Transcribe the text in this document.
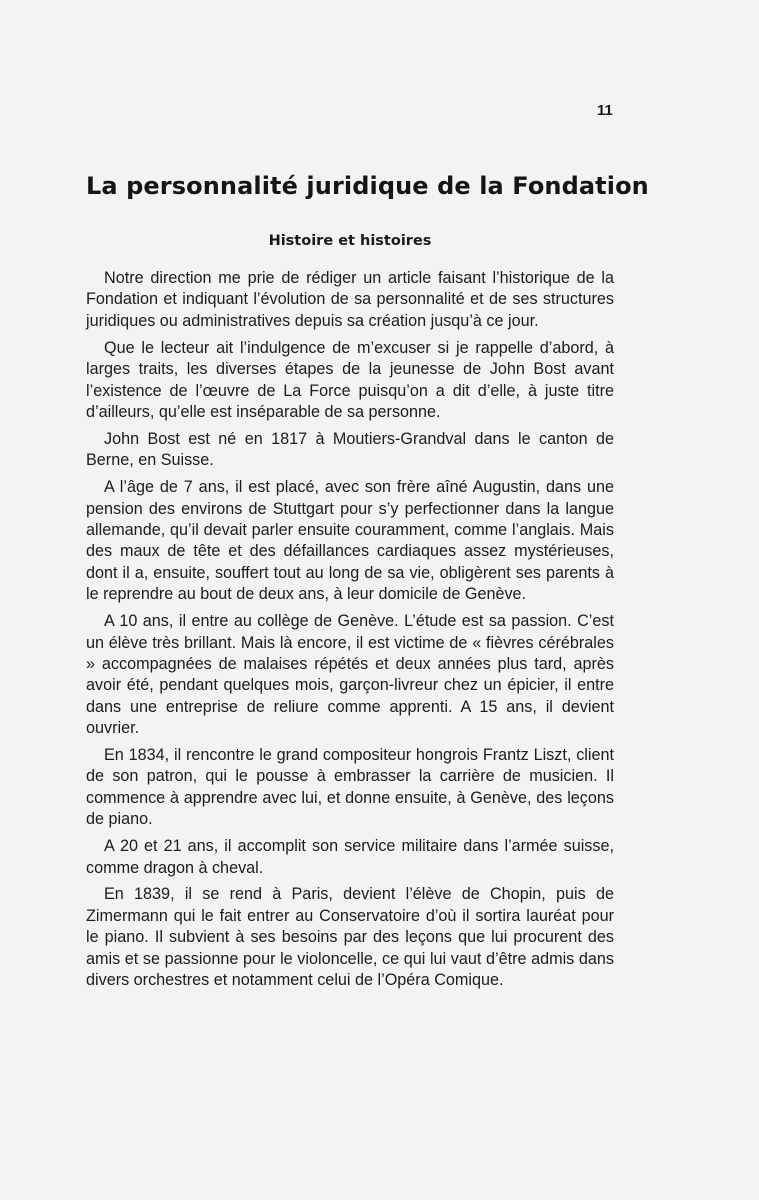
11
La personnalité juridique de la Fondation
Histoire et histoires

Notre direction me prie de rédiger un article faisant l’historique de la Fondation et indiquant l’évolution de sa personnalité et de ses structures juridiques ou administratives depuis sa création jusqu’à ce jour.

Que le lecteur ait l’indulgence de m’excuser si je rappelle d’abord, à larges traits, les diverses étapes de la jeunesse de John Bost avant l’existence de l’œuvre de La Force puisqu’on a dit d’elle, à juste titre d’ailleurs, qu’elle est inséparable de sa personne.

John Bost est né en 1817 à Moutiers-Grandval dans le canton de Berne, en Suisse.

A l’âge de 7 ans, il est placé, avec son frère aîné Augustin, dans une pension des environs de Stuttgart pour s’y perfectionner dans la langue allemande, qu’il devait parler ensuite couramment, comme l’anglais. Mais des maux de tête et des défaillances cardiaques assez mystérieuses, dont il a, ensuite, souffert tout au long de sa vie, obligèrent ses parents à le reprendre au bout de deux ans, à leur domicile de Genève.

A 10 ans, il entre au collège de Genève. L’étude est sa passion. C’est un élève très brillant. Mais là encore, il est victime de « fièvres cérébrales » accompagnées de malaises répétés et deux années plus tard, après avoir été, pendant quelques mois, garçon-livreur chez un épicier, il entre dans une entreprise de reliure comme apprenti. A 15 ans, il devient ouvrier.

En 1834, il rencontre le grand compositeur hongrois Frantz Liszt, client de son patron, qui le pousse à embrasser la carrière de musicien. Il commence à apprendre avec lui, et donne ensuite, à Genève, des leçons de piano.

A 20 et 21 ans, il accomplit son service militaire dans l’armée suisse, comme dragon à cheval.

En 1839, il se rend à Paris, devient l’élève de Chopin, puis de Zimermann qui le fait entrer au Conservatoire d’où il sortira lauréat pour le piano. Il subvient à ses besoins par des leçons que lui procurent des amis et se passionne pour le violoncelle, ce qui lui vaut d’être admis dans divers orchestres et notamment celui de l’Opéra Comique.
